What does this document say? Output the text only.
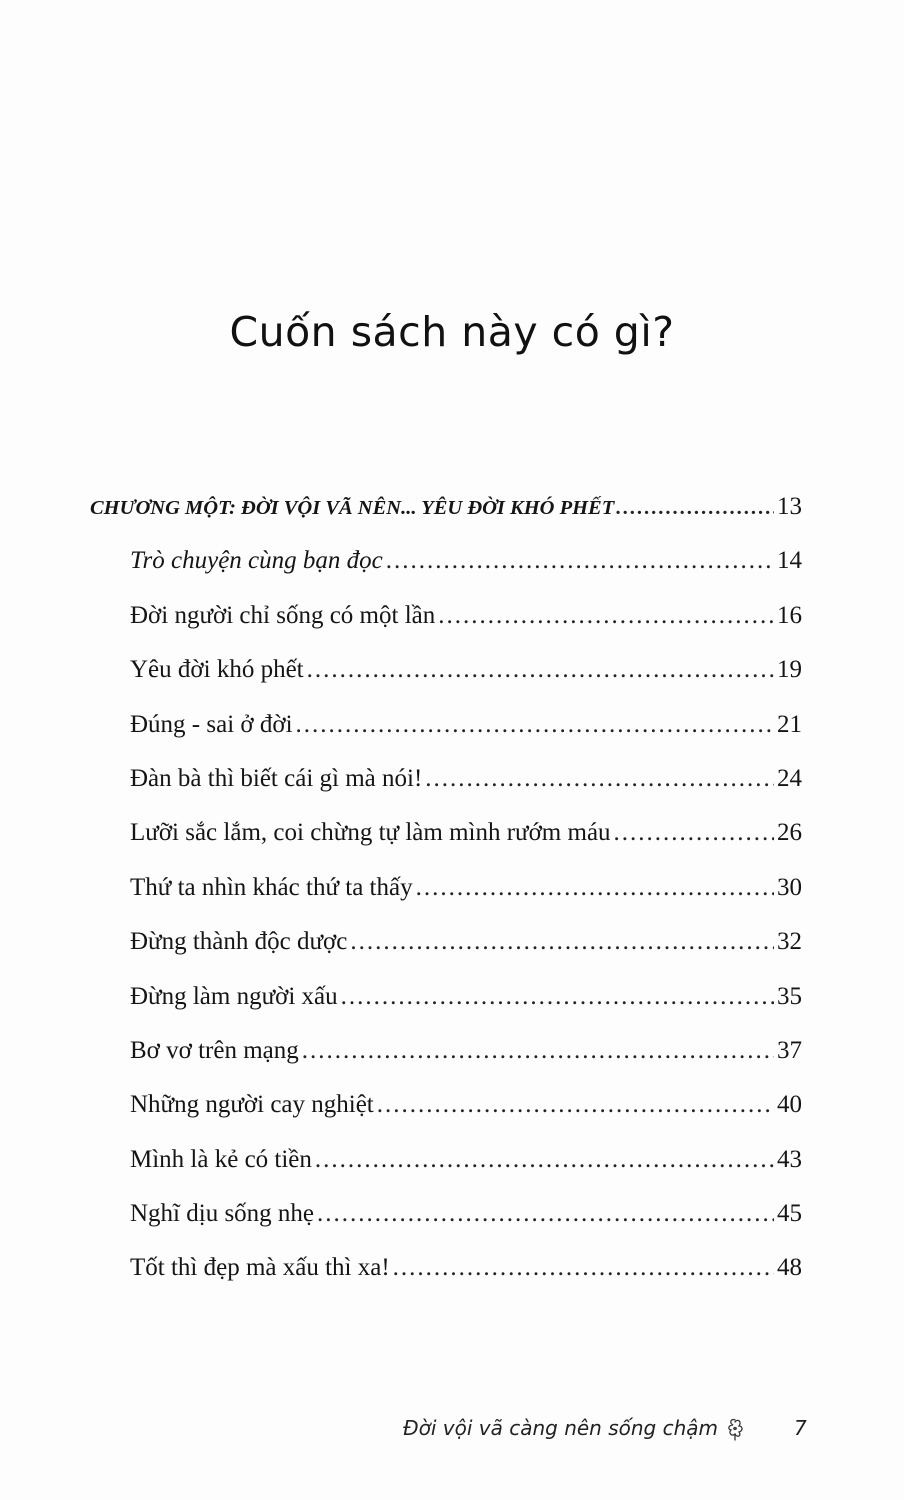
Cuốn sách này có gì?
CHƯƠNG MỘT: ĐỜI VỘI VÃ NÊN... YÊU ĐỜI KHÓ PHẾT .....	13
Trò chuyện cùng bạn đọc .....	14
Đời người chỉ sống có một lần .....	16
Yêu đời khó phết .....	19
Đúng - sai ở đời .....	21
Đàn bà thì biết cái gì mà nói! .....	24
Lưỡi sắc lắm, coi chừng tự làm mình rướm máu .....	26
Thứ ta nhìn khác thứ ta thấy .....	30
Đừng thành độc dược .....	32
Đừng làm người xấu .....	35
Bơ vơ trên mạng .....	37
Những người cay nghiệt .....	40
Mình là kẻ có tiền .....	43
Nghĩ dịu sống nhẹ .....	45
Tốt thì đẹp mà xấu thì xa! .....	48
Đời vội vã càng nên sống chậm	7
